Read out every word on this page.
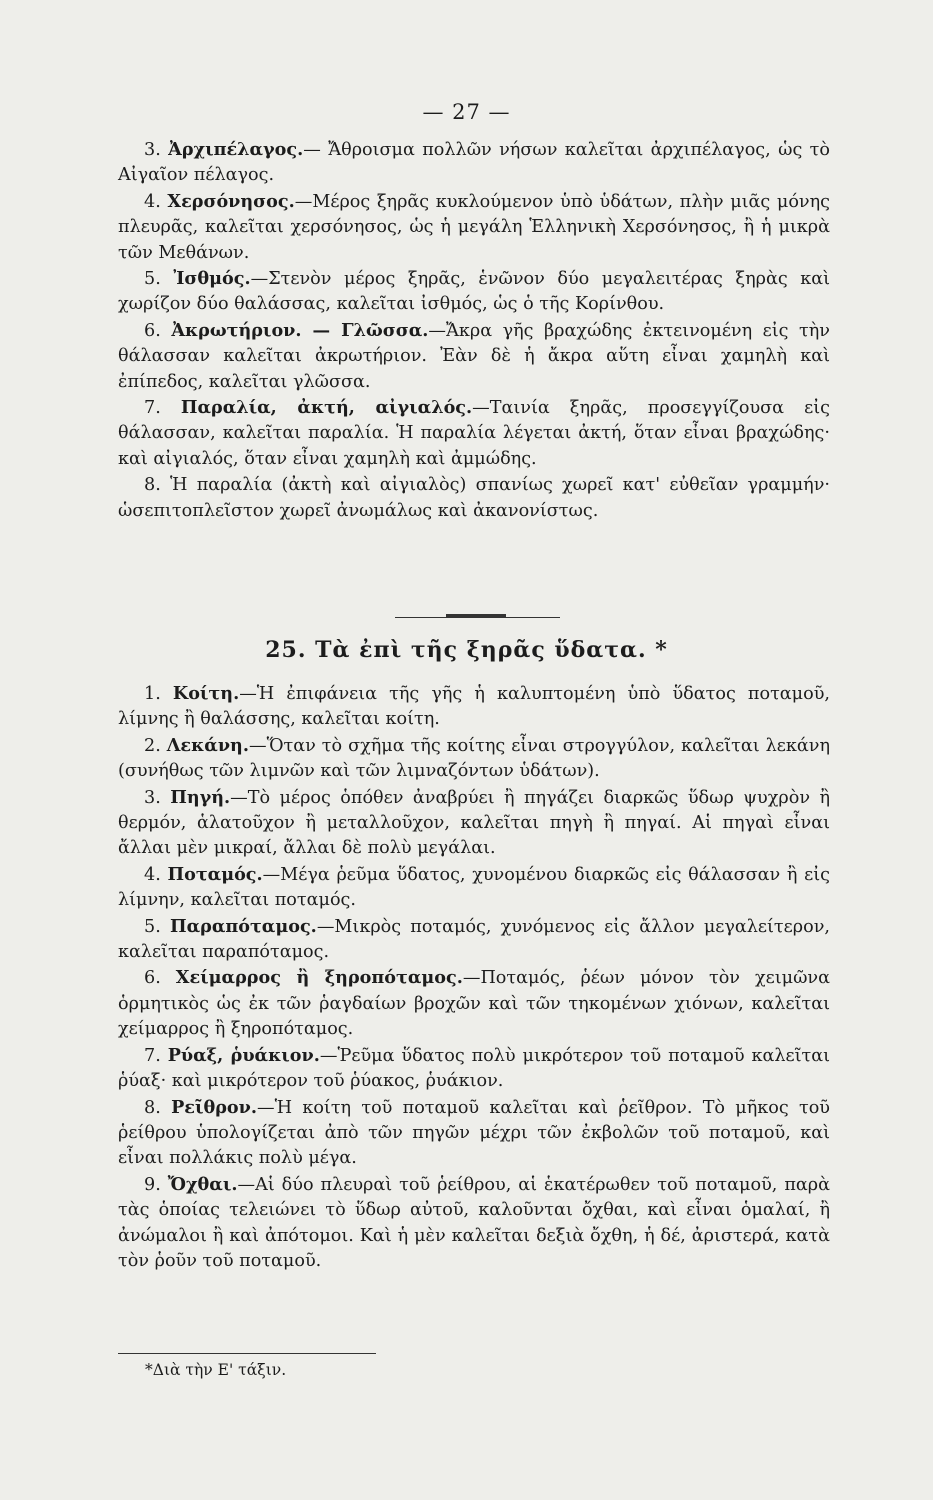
— 27 —

3. Ἀρχιπέλαγος.— Ἄθροισμα πολλῶν νήσων καλεῖται ἀρχιπέλαγος, ὡς τὸ Αἰγαῖον πέλαγος.

4. Χερσόνησος.—Μέρος ξηρᾶς κυκλούμενον ὑπὸ ὑδάτων, πλὴν μιᾶς μόνης πλευρᾶς, καλεῖται χερσόνησος, ὡς ἡ μεγάλη Ἑλληνικὴ Χερσόνησος, ἢ ἡ μικρὰ τῶν Μεθάνων.

5. Ἰσθμός.—Στενὸν μέρος ξηρᾶς, ἑνῶνον δύο μεγαλειτέρας ξηρὰς καὶ χωρίζον δύο θαλάσσας, καλεῖται ἰσθμός, ὡς ὁ τῆς Κορίνθου.

6. Ἀκρωτήριον. — Γλῶσσα.—Ἄκρα γῆς βραχώδης ἐκτεινομένη εἰς τὴν θάλασσαν καλεῖται ἀκρωτήριον. Ἐὰν δὲ ἡ ἄκρα αὕτη εἶναι χαμηλὴ καὶ ἐπίπεδος, καλεῖται γλῶσσα.

7. Παραλία, ἀκτή, αἰγιαλός.—Ταινία ξηρᾶς, προσεγγίζουσα εἰς θάλασσαν, καλεῖται παραλία. Ἡ παραλία λέγεται ἀκτή, ὅταν εἶναι βραχώδης· καὶ αἰγιαλός, ὅταν εἶναι χαμηλὴ καὶ ἀμμώδης.

8. Ἡ παραλία (ἀκτὴ καὶ αἰγιαλὸς) σπανίως χωρεῖ κατ' εὐθεῖαν γραμμήν· ὡσεπιτοπλεῖστον χωρεῖ ἀνωμάλως καὶ ἀκανονίστως.

25. Τὰ ἐπὶ τῆς ξηρᾶς ὕδατα. *

1. Κοίτη.—Ἡ ἐπιφάνεια τῆς γῆς ἡ καλυπτομένη ὑπὸ ὕδατος ποταμοῦ, λίμνης ἢ θαλάσσης, καλεῖται κοίτη.

2. Λεκάνη.—Ὅταν τὸ σχῆμα τῆς κοίτης εἶναι στρογγύλον, καλεῖται λεκάνη (συνήθως τῶν λιμνῶν καὶ τῶν λιμναζόντων ὑδάτων).

3. Πηγή.—Τὸ μέρος ὁπόθεν ἀναβρύει ἢ πηγάζει διαρκῶς ὕδωρ ψυχρὸν ἢ θερμόν, ἁλατοῦχον ἢ μεταλλοῦχον, καλεῖται πηγὴ ἢ πηγαί. Αἱ πηγαὶ εἶναι ἄλλαι μὲν μικραί, ἄλλαι δὲ πολὺ μεγάλαι.

4. Ποταμός.—Μέγα ῥεῦμα ὕδατος, χυνομένου διαρκῶς εἰς θάλασσαν ἢ εἰς λίμνην, καλεῖται ποταμός.

5. Παραπόταμος.—Μικρὸς ποταμός, χυνόμενος εἰς ἄλλον μεγαλείτερον, καλεῖται παραπόταμος.

6. Χείμαρρος ἢ ξηροπόταμος.—Ποταμός, ῥέων μόνον τὸν χειμῶνα ὁρμητικὸς ὡς ἐκ τῶν ῥαγδαίων βροχῶν καὶ τῶν τηκομένων χιόνων, καλεῖται χείμαρρος ἢ ξηροπόταμος.

7. Ρύαξ, ῥυάκιον.—Ῥεῦμα ὕδατος πολὺ μικρότερον τοῦ ποταμοῦ καλεῖται ῥύαξ· καὶ μικρότερον τοῦ ῥύακος, ῥυάκιον.

8. Ρεῖθρον.—Ἡ κοίτη τοῦ ποταμοῦ καλεῖται καὶ ῥεῖθρον. Τὸ μῆκος τοῦ ῥείθρου ὑπολογίζεται ἀπὸ τῶν πηγῶν μέχρι τῶν ἐκβολῶν τοῦ ποταμοῦ, καὶ εἶναι πολλάκις πολὺ μέγα.

9. Ὄχθαι.—Αἱ δύο πλευραὶ τοῦ ῥείθρου, αἱ ἑκατέρωθεν τοῦ ποταμοῦ, παρὰ τὰς ὁποίας τελειώνει τὸ ὕδωρ αὐτοῦ, καλοῦνται ὄχθαι, καὶ εἶναι ὁμαλαί, ἢ ἀνώμαλοι ἢ καὶ ἀπότομοι. Καὶ ἡ μὲν καλεῖται δεξιὰ ὄχθη, ἡ δέ, ἀριστερά, κατὰ τὸν ῥοῦν τοῦ ποταμοῦ.

*Διὰ τὴν Ε' τάξιν.
